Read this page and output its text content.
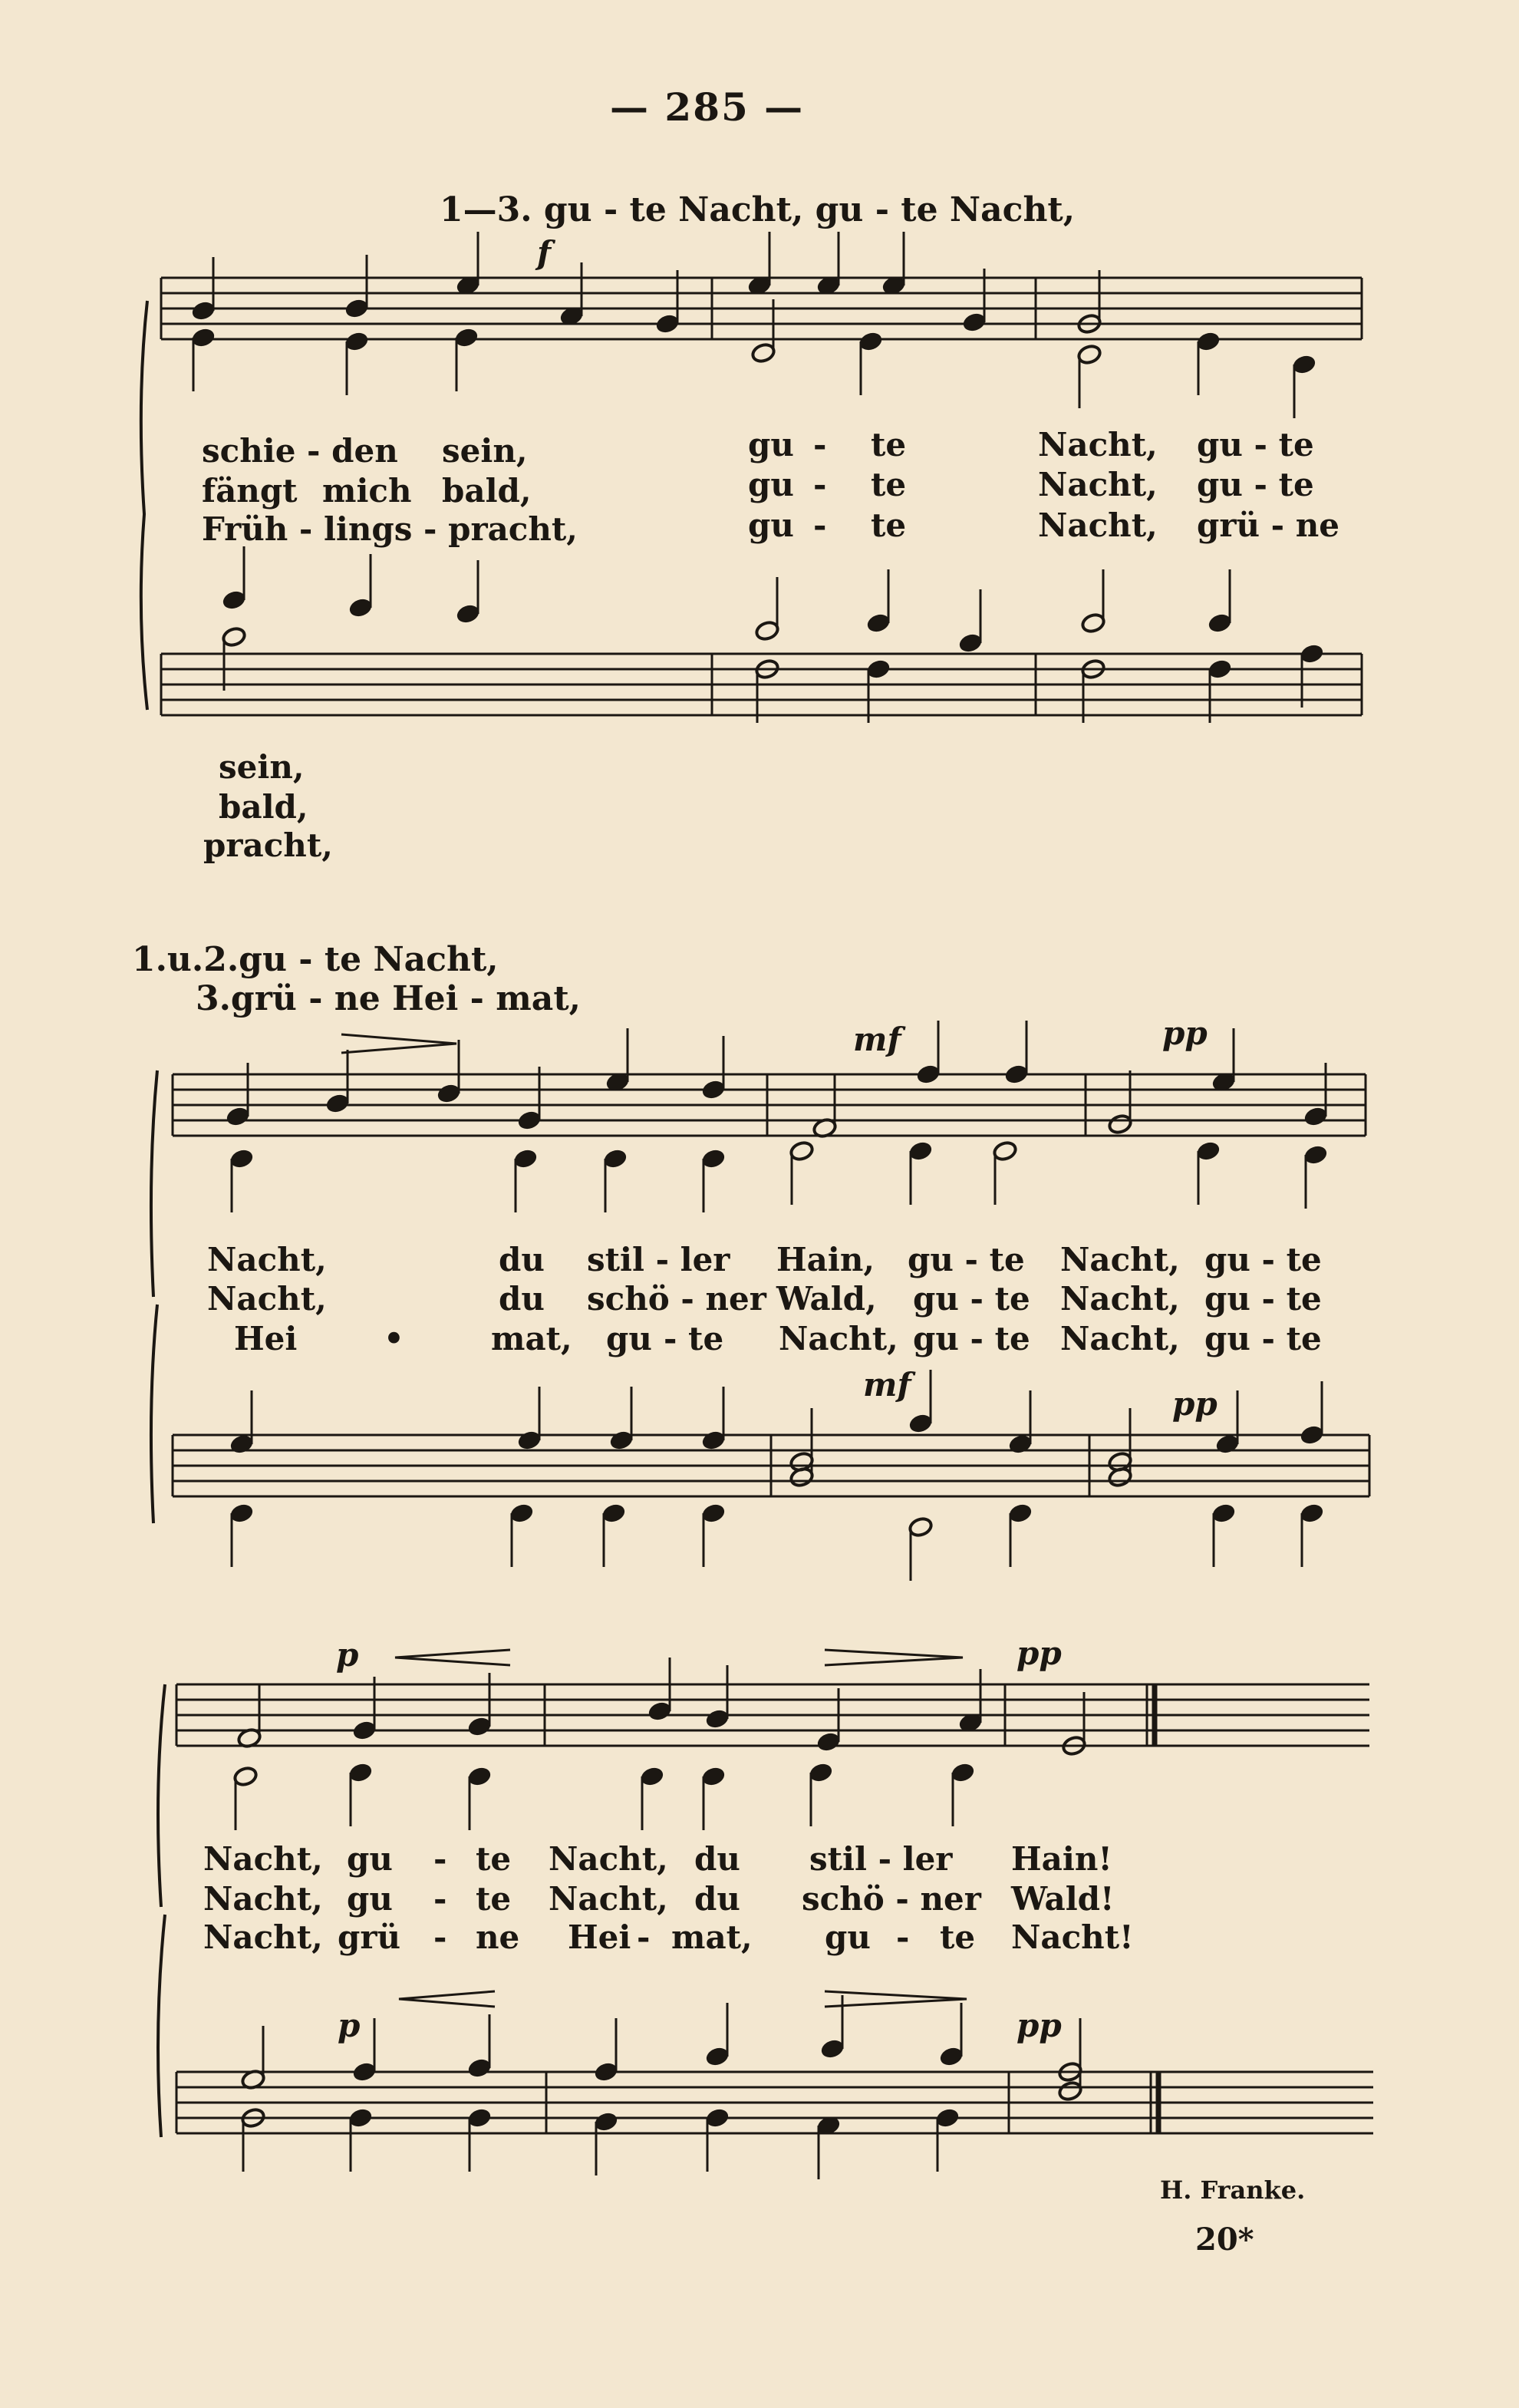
— 285 —
1—3. gu - te Nacht, gu - te Nacht,
f
schie - den sein,	gu - te	Nacht, gu - te
fängt mich bald,	gu - te	Nacht, gu - te
Früh - lings - pracht,	gu - te	Nacht, grü - ne
sein,
bald,
pracht,
1.u.2.gu - te Nacht,
3.grü - ne Hei - mat,
mf	pp
mf
pp
Nacht,	du stil - ler Hain, gu - te Nacht, gu - te
Nacht,	du schö - ner Wald, gu - te Nacht, gu - te
Hei	•	mat, gu - te Nacht, gu - te Nacht, gu - te
p	pp
p	pp
Nacht, gu - te Nacht, du stil - ler Hain!
Nacht, gu - te Nacht, du schö - ner Wald!
Nacht, grü - ne Hei - mat, gu - te Nacht!
H. Franke.
20*
